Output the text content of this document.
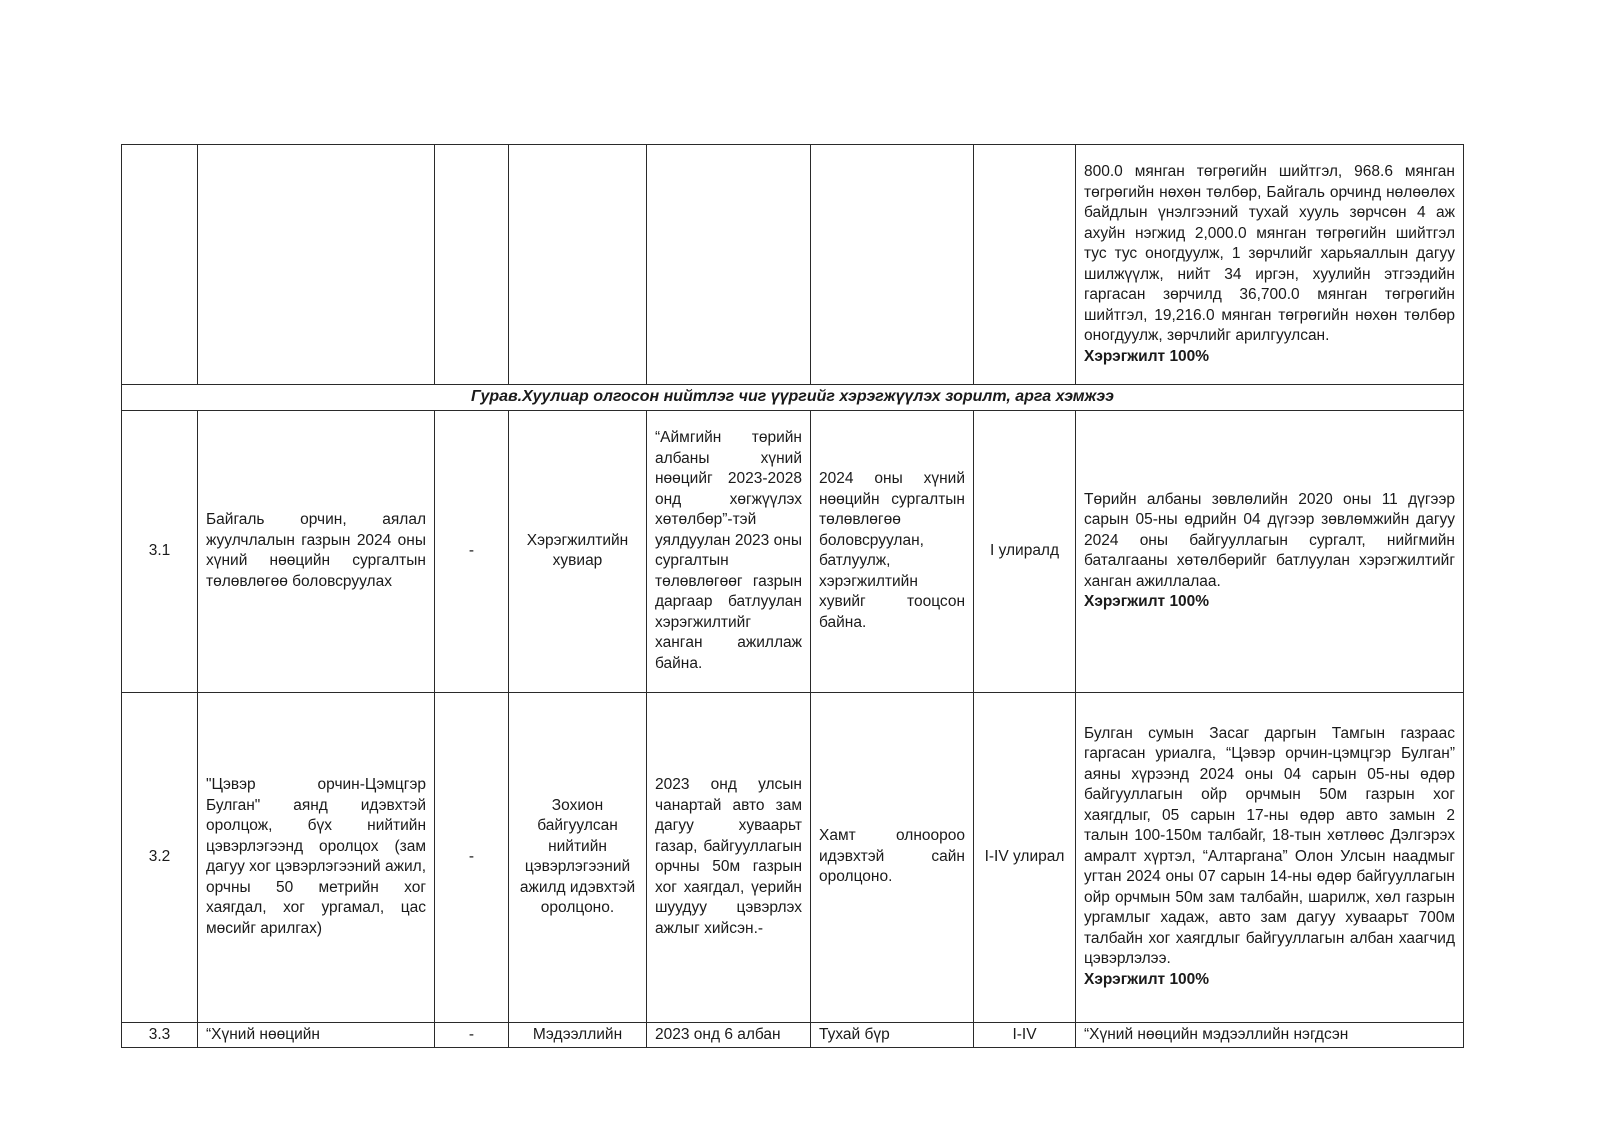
							800.0 мянган төгрөгийн шийтгэл, 968.6 мянган төгрөгийн нөхөн төлбөр, Байгаль орчинд нөлөөлөх байдлын үнэлгээний тухай хууль зөрчсөн 4 аж ахуйн нэгжид 2,000.0 мянган төгрөгийн шийтгэл тус тус оногдуулж, 1 зөрчлийг харьяаллын дагуу шилжүүлж, нийт 34 иргэн, хуулийн этгээдийн гаргасан зөрчилд 36,700.0 мянган төгрөгийн шийтгэл, 19,216.0 мянган төгрөгийн нөхөн төлбөр оногдуулж, зөрчлийг арилгуулсан.
Хэрэгжилт 100%

Гурав.Хуулиар олгосон нийтлэг чиг үүргийг хэрэгжүүлэх зорилт, арга хэмжээ							
3.1	Байгаль орчин, аялал жуулчлалын газрын 2024 оны хүний нөөцийн сургалтын төлөвлөгөө боловсруулах	-	Хэрэгжилтийн хувиар	“Аймгийн төрийн албаны хүний нөөцийг 2023-2028 онд хөгжүүлэх хөтөлбөр”-тэй уялдуулан 2023 оны сургалтын төлөвлөгөөг газрын даргаар батлуулан хэрэгжилтийг хангaн ажиллаж байна.	2024 оны хүний нөөцийн сургалтын төлөвлөгөө боловсруулан, батлуулж, хэрэгжилтийн хувийг тооцсон байна.	I улиралд	Төрийн албаны зөвлөлийн 2020 оны 11 дүгээр сарын 05-ны өдрийн 04 дүгээр зөвлөмжийн дагуу 2024 оны байгууллагын сургалт, нийгмийн баталгааны хөтөлбөрийг батлуулан хэрэгжилтийг хангaн ажиллалаа.
Хэрэгжилт 100%

3.2	"Цэвэр орчин-Цэмцгэр Булган" аянд идэвхтэй оролцож, бүх нийтийн цэвэрлэгээнд оролцох (зам дагуу хог цэвэрлэгээний ажил, орчны 50 метрийн хог хаягдал, хог ургамал, цас мөсийг арилгах)	-	Зохион байгуулсан нийтийн цэвэрлэгээний ажилд идэвхтэй оролцоно.	2023 онд улсын чанартай авто зам дагуу хуваарьт газар, байгууллагын орчны 50м газрын хог хаягдал, үерийн шуудуу цэвэрлэх ажлыг хийсэн.-	Хамт олноороо идэвхтэй сайн оролцоно.	I-IV улирал	Булган сумын Засаг даргын Тамгын газраас гаргасан уриалга, “Цэвэр орчин-цэмцгэр Булган” аяны хүрээнд 2024 оны 04 сарын 05-ны өдөр байгууллагын ойр орчмын 50м газрын хог хаягдлыг, 05 сарын 17-ны өдөр авто замын 2 талын 100-150м талбайг, 18-тын хөтлөөс Дэлгэрэх амралт хүртэл, “Алтаргана” Олон Улсын наадмыг угтан 2024 оны 07 сарын 14-ны өдөр байгууллагын ойр орчмын 50м зам талбайн, шарилж, хөл газрын ургамлыг хадаж, авто зам дагуу хуваарьт 700м талбайн хог хаягдлыг байгууллагын албан хаагчид цэвэрлэлээ.
Хэрэгжилт 100%

3.3	“Хүний нөөцийн	-	Мэдээллийн	2023 онд 6 албан	Тухай бүр	I-IV	“Хүний нөөцийн мэдээллийн нэгдсэн
